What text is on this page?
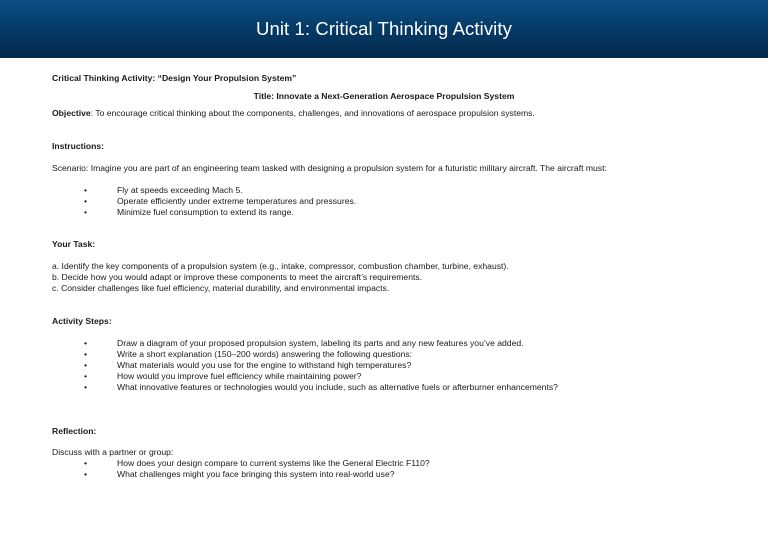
Unit 1: Critical Thinking Activity
Critical Thinking Activity: “Design Your Propulsion System”
Title: Innovate a Next-Generation Aerospace Propulsion System
Objective: To encourage critical thinking about the components, challenges, and innovations of aerospace propulsion systems.
Instructions:
Scenario: Imagine you are part of an engineering team tasked with designing a propulsion system for a futuristic military aircraft. The aircraft must:
• Fly at speeds exceeding Mach 5.
• Operate efficiently under extreme temperatures and pressures.
• Minimize fuel consumption to extend its range.
Your Task:
a. Identify the key components of a propulsion system (e.g., intake, compressor, combustion chamber, turbine, exhaust).
b. Decide how you would adapt or improve these components to meet the aircraft’s requirements.
c. Consider challenges like fuel efficiency, material durability, and environmental impacts.
Activity Steps:
• Draw a diagram of your proposed propulsion system, labeling its parts and any new features you’ve added.
• Write a short explanation (150–200 words) answering the following questions:
• What materials would you use for the engine to withstand high temperatures?
• How would you improve fuel efficiency while maintaining power?
• What innovative features or technologies would you include, such as alternative fuels or afterburner enhancements?
Reflection:
Discuss with a partner or group:
• How does your design compare to current systems like the General Electric F110?
• What challenges might you face bringing this system into real-world use?
